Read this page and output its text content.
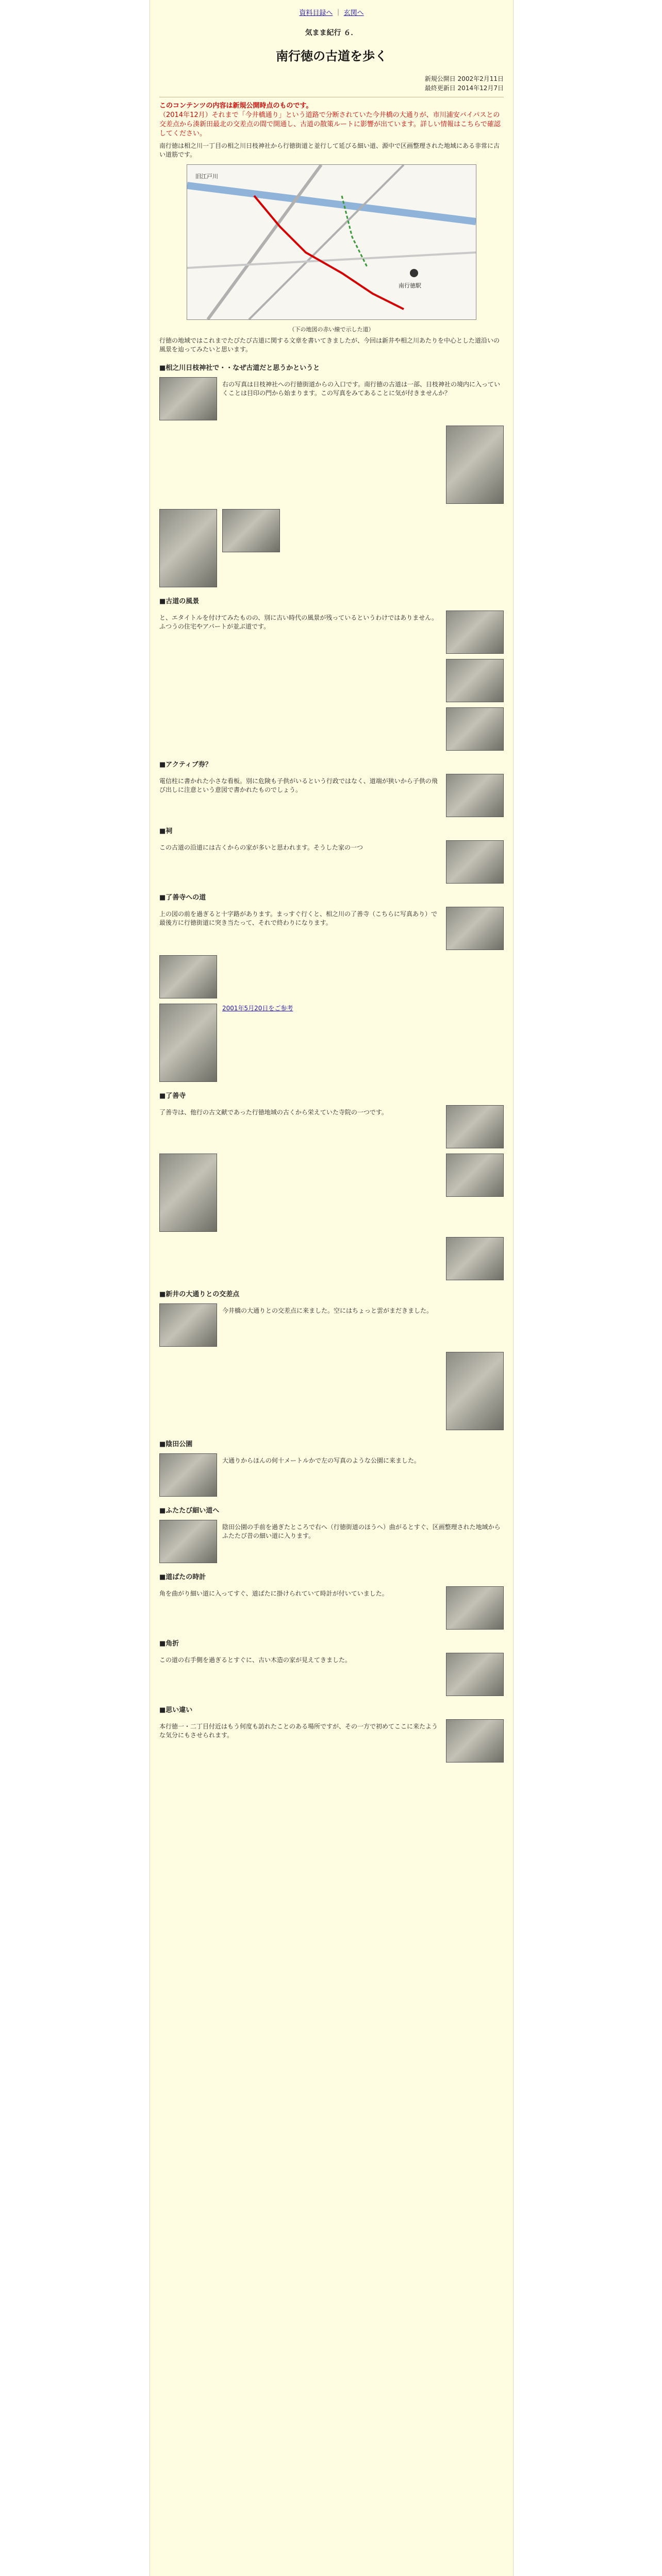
資料目録へ ｜ 玄関へ
気まま紀行 ６．
南行徳の古道を歩く
新規公開日 2002年2月11日
最終更新日 2014年12月7日
このコンテンツの内容は新規公開時点のものです。
（2014年12月）それまで「今井橋通り」という道路で分断されていた今井橋の大通りが、市川浦安バイパスとの交差点から湊新田最北の交差点の間で開通し、古道の散策ルートに影響が出ています。詳しい情報はこちらで確認してください。
南行徳は相之川一丁目の相之川日枝神社から行徳街道と並行して延びる細い道、源中で区画整理された地域にある非常に古い道筋です。
旧江戸川
南行徳駅
（下の地図の赤い線で示した道）
行徳の地域ではこれまでたびたび古道に関する文章を書いてきましたが、今回は新井や相之川あたりを中心とした道沿いの風景を辿ってみたいと思います。
■相之川日枝神社で・・なぜ古道だと思うかというと
右の写真は日枝神社への行徳街道からの入口です。南行徳の古道は一部、日枝神社の境内に入っていくことは目印の門から始まります。この写真をみてあることに気が付きませんか？
■古道の風景
と、エタイトルを付けてみたものの、別に古い時代の風景が残っているというわけではありません。ふつうの住宅やアパートが並ぶ道です。
■アクティブ券？
電信柱に書かれた小さな看板。別に危険も子供がいるという行政ではなく、道端が狭いから子供の飛び出しに注意という意図で書かれたものでしょう。
■祠
この古道の沿道には古くからの家が多いと思われます。そうした家の一つ
■了善寺への道
上の図の前を過ぎると十字路があります。まっすぐ行くと、相之川の了善寺（こちらに写真あり）で最後方に行徳街道に突き当たって、それで終わりになります。
2001年5月20日をご参考
■了善寺
了善寺は、他行の古文献であった行徳地域の古くから栄えていた寺院の一つです。
■新井の大通りとの交差点
今井橋の大通りとの交差点に来ました。空にはちょっと雲がまだきました。
■陰田公園
大通りからほんの何十メートルかで左の写真のような公園に来ました。
■ふたたび細い道へ
陰田公園の手前を過ぎたところで右へ（行徳街道のほうへ）曲がるとすぐ、区画整理された地域からふたたび昔の細い道に入ります。
■道ばたの時計
角を曲がり細い道に入ってすぐ、道ばたに掛けられていて時計が付いていました。
■角折
この道の右手側を過ぎるとすぐに、古い木造の家が見えてきました。
■思い違い
本行徳一・二丁目付近はもう何度も訪れたことのある場所ですが、その一方で初めてここに来たような気分にもさせられます。
